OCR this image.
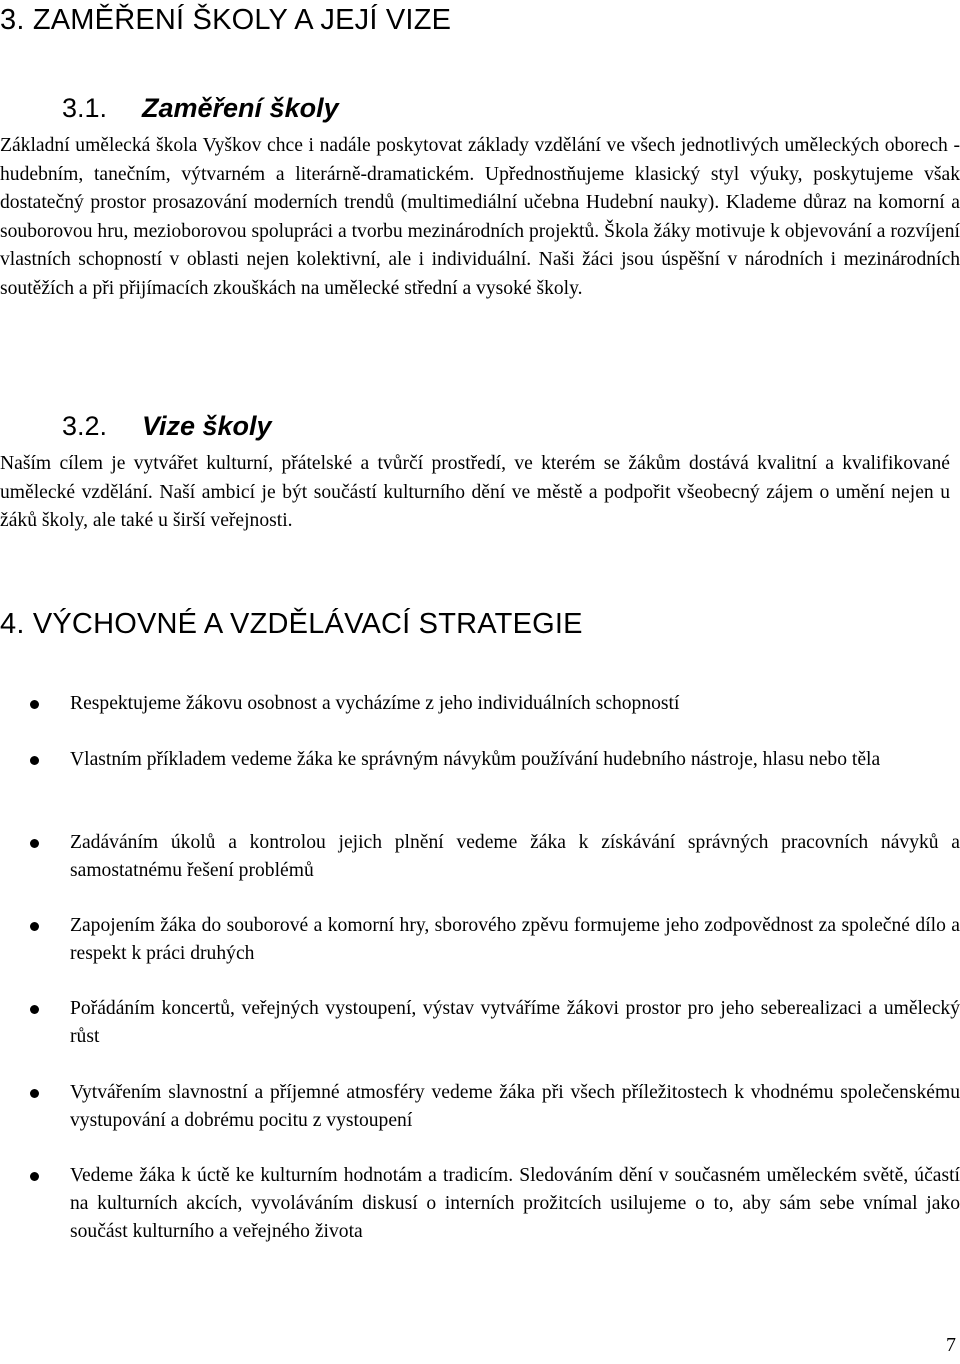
3. ZAMĚŘENÍ ŠKOLY A JEJÍ VIZE
3.1. Zaměření školy

Základní umělecká škola Vyškov chce i nadále poskytovat základy vzdělání ve všech jednotlivých uměleckých oborech - hudebním, tanečním, výtvarném a literárně-dramatickém. Upřednostňujeme klasický styl výuky, poskytujeme však dostatečný prostor prosazování moderních trendů (multimediální učebna Hudební nauky). Klademe důraz na komorní a souborovou hru, mezioborovou spolupráci a tvorbu mezinárodních projektů. Škola žáky motivuje k objevování a rozvíjení vlastních schopností v oblasti nejen kolektivní, ale i individuální. Naši žáci jsou úspěšní v národních i mezinárodních soutěžích a při přijímacích zkouškách na umělecké střední a vysoké školy.

3.2. Vize školy

Naším cílem je vytvářet kulturní, přátelské a tvůrčí prostředí, ve kterém se žákům dostává kvalitní a kvalifikované umělecké vzdělání. Naší ambicí je být součástí kulturního dění ve městě a podpořit všeobecný zájem o umění nejen u žáků školy, ale také u širší veřejnosti.

4. VÝCHOVNÉ A VZDĚLÁVACÍ STRATEGIE
Respektujeme žákovu osobnost a vycházíme z jeho individuálních schopností
Vlastním příkladem vedeme žáka ke správným návykům používání hudebního nástroje, hlasu nebo těla
Zadáváním úkolů a kontrolou jejich plnění vedeme žáka k získávání správných pracovních návyků a samostatnému řešení problémů
Zapojením žáka do souborové a komorní hry, sborového zpěvu formujeme jeho zodpovědnost za společné dílo a respekt k práci druhých
Pořádáním koncertů, veřejných vystoupení, výstav vytváříme žákovi prostor pro jeho seberealizaci a umělecký růst
Vytvářením slavnostní a příjemné atmosféry vedeme žáka při všech příležitostech k vhodnému společenskému vystupování a dobrému pocitu z vystoupení
Vedeme žáka k úctě ke kulturním hodnotám a tradicím. Sledováním dění v současném uměleckém světě, účastí na kulturních akcích, vyvoláváním diskusí o interních prožitcích usilujeme o to, aby sám sebe vnímal jako součást kulturního a veřejného života
7
